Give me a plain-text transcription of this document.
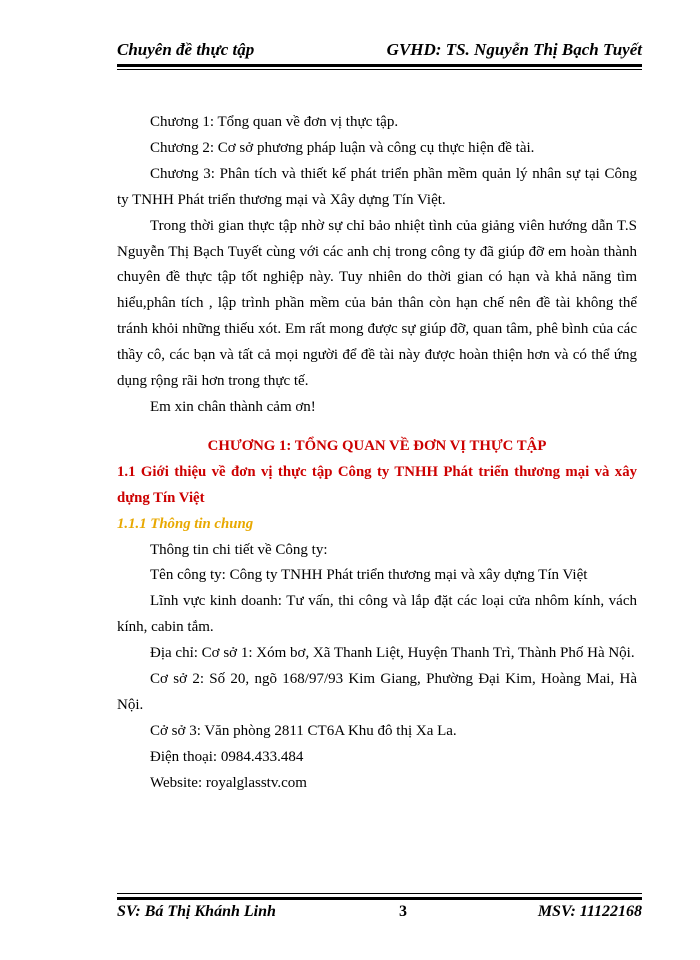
Chuyên đề thực tập	GVHD: TS. Nguyễn Thị Bạch Tuyết

Chương 1: Tổng quan về đơn vị thực tập.

Chương 2: Cơ sở phương pháp luận và công cụ thực hiện đề tài.

Chương 3: Phân tích và thiết kế phát triển phần mềm quản lý nhân sự tại Công ty TNHH Phát triển thương mại và Xây dựng Tín Việt.

Trong thời gian thực tập nhờ sự chỉ bảo nhiệt tình của giảng viên hướng dẫn T.S Nguyễn Thị Bạch Tuyết cùng với các anh chị trong công ty đã giúp đỡ em hoàn thành chuyên đề thực tập tốt nghiệp này. Tuy nhiên do thời gian có hạn và khả năng tìm hiểu,phân tích , lập trình phần mềm của bản thân còn hạn chế nên đề tài không thể tránh khỏi những thiếu xót. Em rất mong được sự giúp đỡ, quan tâm, phê bình của các thầy cô, các bạn và tất cả mọi người để đề tài này được hoàn thiện hơn và có thể ứng dụng rộng rãi hơn trong thực tế.

Em xin chân thành cảm ơn!

CHƯƠNG 1: TỔNG QUAN VỀ ĐƠN VỊ THỰC TẬP

1.1 Giới thiệu về đơn vị thực tập Công ty TNHH Phát triển thương mại và xây dựng Tín Việt

1.1.1 Thông tin chung

Thông tin chi tiết về Công ty:

Tên công ty: Công ty TNHH Phát triển thương mại và xây dựng Tín Việt

Lĩnh vực kinh doanh: Tư vấn, thi công và lắp đặt các loại cửa nhôm kính, vách kính, cabin tắm.

Địa chỉ: Cơ sở 1: Xóm bơ, Xã Thanh Liệt, Huyện Thanh Trì, Thành Phố Hà Nội.

Cơ sở 2: Số 20, ngõ 168/97/93 Kim Giang, Phường Đại Kim, Hoàng Mai, Hà Nội.

Cở sở 3: Văn phòng 2811 CT6A Khu đô thị Xa La.

Điện thoại: 0984.433.484

Website: royalglasstv.com

SV: Bá Thị Khánh Linh	3	MSV: 11122168
